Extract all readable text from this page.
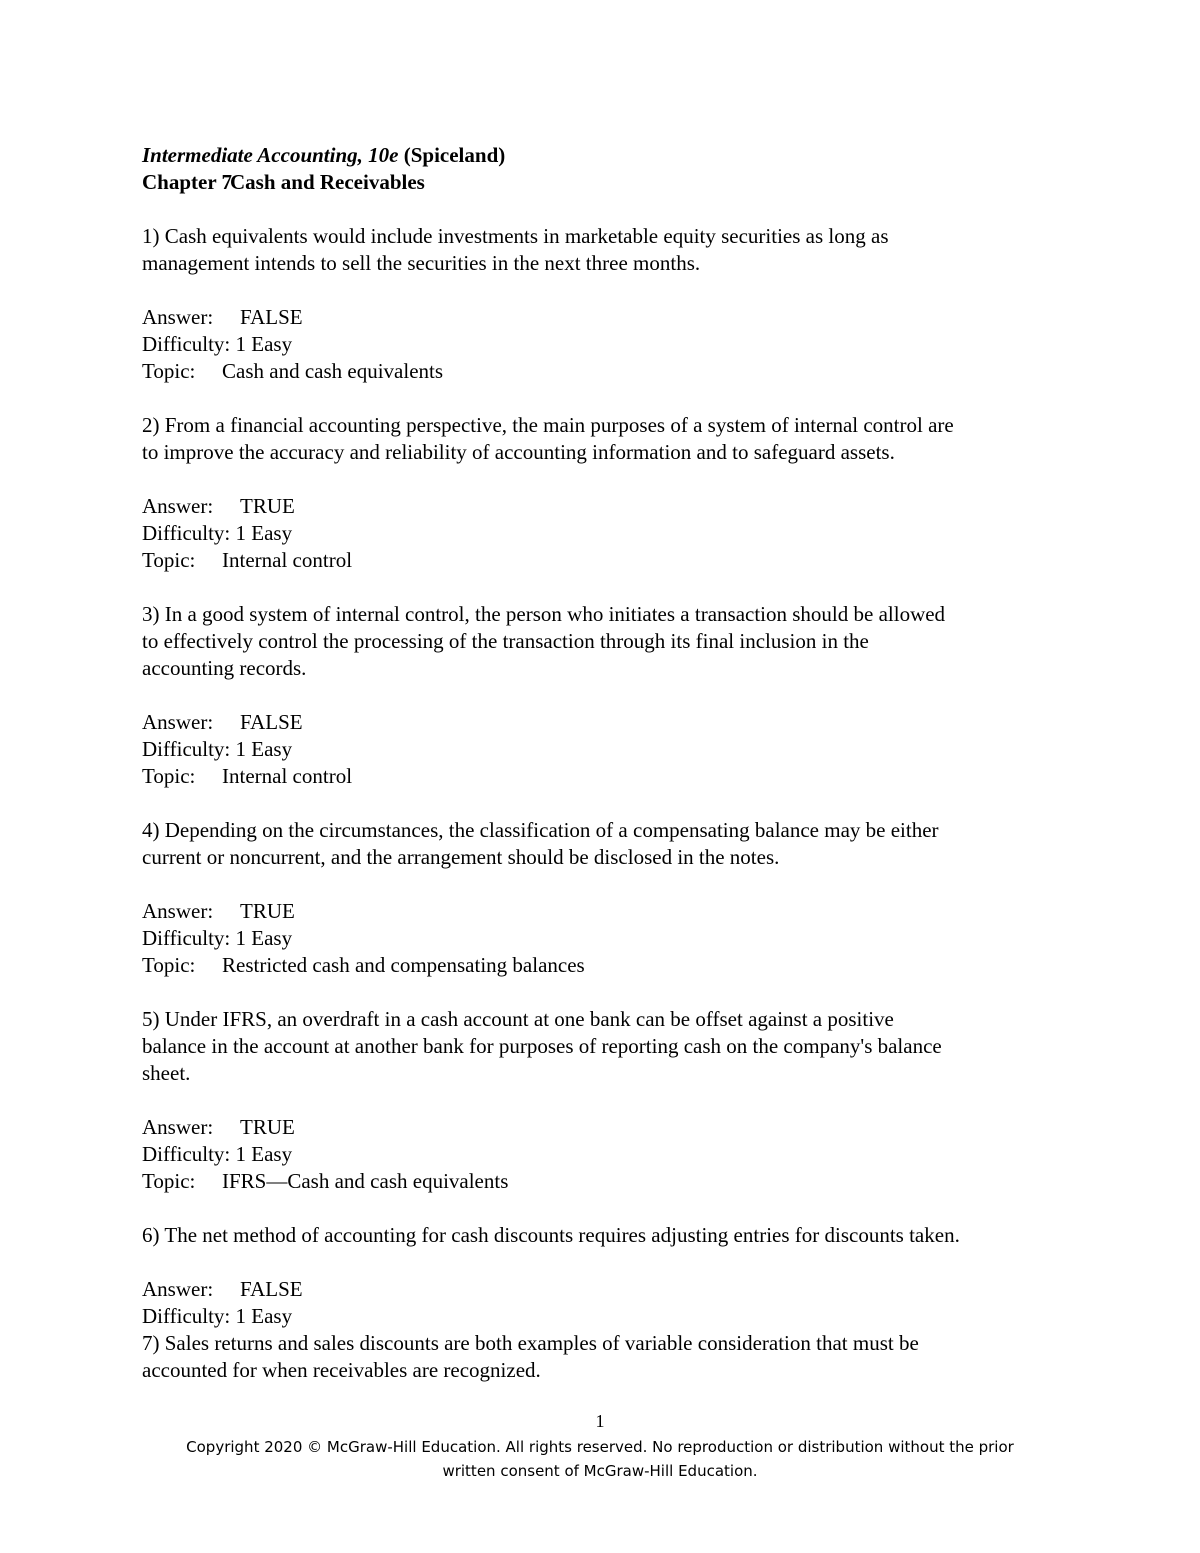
Intermediate Accounting, 10e (Spiceland)

Chapter 7Cash and Receivables

1) Cash equivalents would include investments in marketable equity securities as long as

management intends to sell the securities in the next three months.

Answer: FALSE

Difficulty: 1 Easy

Topic: Cash and cash equivalents

2) From a financial accounting perspective, the main purposes of a system of internal control are

to improve the accuracy and reliability of accounting information and to safeguard assets.

Answer: TRUE

Difficulty: 1 Easy

Topic: Internal control

3) In a good system of internal control, the person who initiates a transaction should be allowed

to effectively control the processing of the transaction through its final inclusion in the

accounting records.

Answer: FALSE

Difficulty: 1 Easy

Topic: Internal control

4) Depending on the circumstances, the classification of a compensating balance may be either

current or noncurrent, and the arrangement should be disclosed in the notes.

Answer: TRUE

Difficulty: 1 Easy

Topic: Restricted cash and compensating balances

5) Under IFRS, an overdraft in a cash account at one bank can be offset against a positive

balance in the account at another bank for purposes of reporting cash on the company's balance

sheet.

Answer: TRUE

Difficulty: 1 Easy

Topic: IFRS—Cash and cash equivalents

6) The net method of accounting for cash discounts requires adjusting entries for discounts taken.

Answer: FALSE

Difficulty: 1 Easy

7) Sales returns and sales discounts are both examples of variable consideration that must be

accounted for when receivables are recognized.

1
Copyright 2020 © McGraw-Hill Education. All rights reserved. No reproduction or distribution without the prior
written consent of McGraw-Hill Education.
